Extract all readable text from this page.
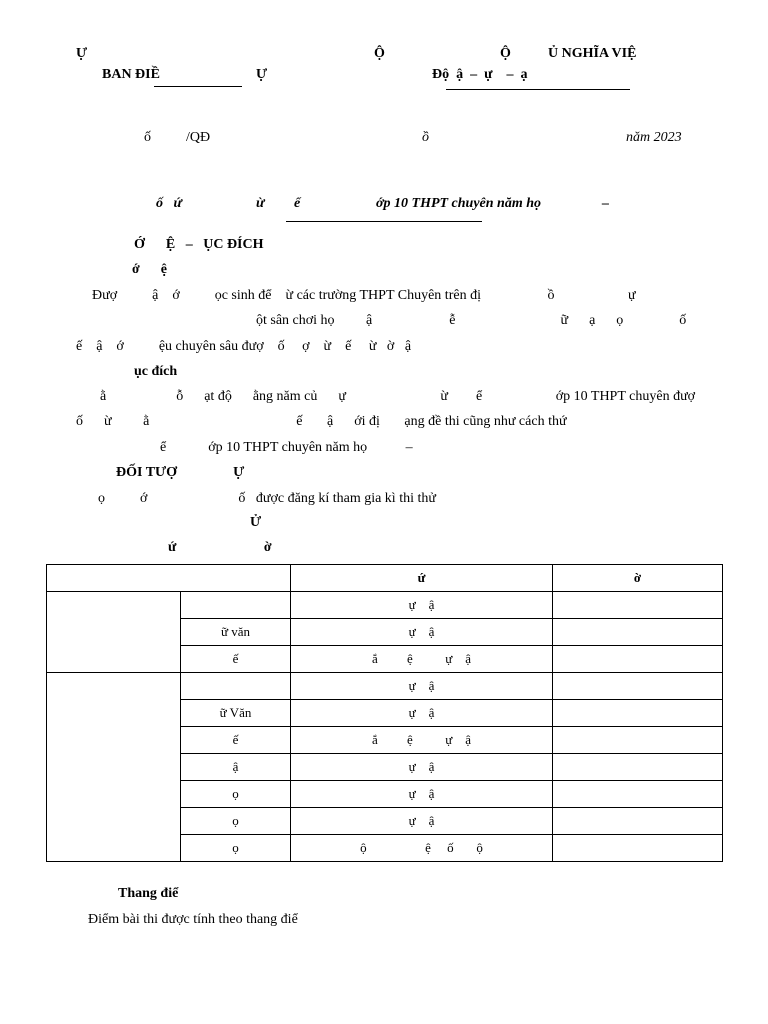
Ự
BAN ĐIỀ	Ự
Ộ	Ộ	Ủ NGHĨA VIỆ
Độ  ậ  –  ự    –  ạ
ố          /QĐ	ồ	năm 2023
ố   ứ	ừ ể	ớp 10 THPT chuyên năm họ	–
Ớ      Ệ   –   ỤC ĐÍCH
ớ      ệ
Đượ          ậ    ớ          ọc sinh để    ừ các trường THPT Chuyên trên đị                   ồ                     ự
ột sân chơi họ         ậ                      ễ                              ữ      ạ      ọ                ố
ế    ậ    ớ          ệu chuyên sâu đượ    ố     ợ    ừ    ế     ừ   ờ   ậ
ục đích
ằ                    ỗ      ạt độ      ằng năm củ      ự                           ừ        ể                     ớp 10 THPT chuyên đượ
ố      ừ         ằ                                          ế       ậ      ới đị       ạng đề thi cũng như cách thứ
ể            ớp 10 THPT chuyên năm họ           –
ĐỐI TƯỢ                Ự
ọ          ớ                          ố   được đăng kí tham gia kì thi thử
Ử
ứ                         ờ
		ứ	ờ
		ự    ậ	
	ữ văn	ự    ậ	
	ế	ắ         ệ          ự    ậ	
		ự    ậ	
	ữ Văn	ự    ậ	
	ế	ắ         ệ          ự    ậ	
	ậ	ự    ậ	
	ọ	ự    ậ	
	ọ	ự    ậ	
	ọ	ộ                  ệ     ố       ộ	
Thang điể
Điểm bài thi được tính theo thang điể
